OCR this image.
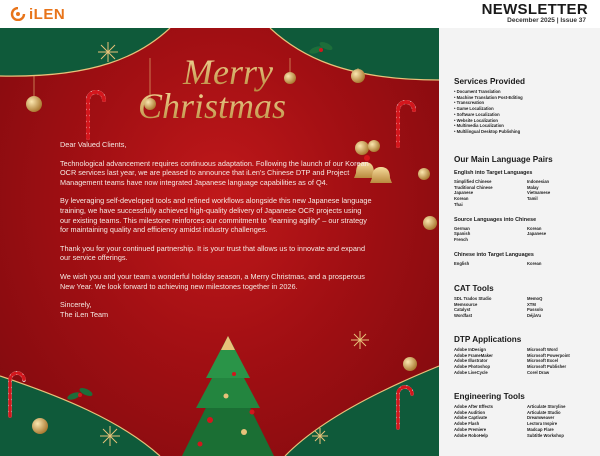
iLEN	NEWSLETTER
December 2025 | Issue 37
Merry
Christmas

Dear Valued Clients,

Technological advancement requires continuous adaptation. Following the launch of our Korean OCR services last year, we are pleased to announce that iLen's Chinese DTP and Project Management teams have now integrated Japanese language capabilities as of Q4.

By leveraging self-developed tools and refined workflows alongside this new Japanese language training, we have successfully achieved high-quality delivery of Japanese OCR projects using our existing teams. This milestone reinforces our commitment to “learning agility” – our strategy for maintaining quality and efficiency amidst industry challenges.

Thank you for your continued partnership. It is your trust that allows us to innovate and expand our service offerings.

We wish you and your team a wonderful holiday season, a Merry Christmas, and a prosperous New Year. We look forward to achieving new milestones together in 2026.

Sincerely,
The iLen Team

Services Provided
• Document Translation
• Machine Translation Post-Editing
• Transcreation
• Game Localization
• Software Localization
• Website Localization
• Multimedia Localization
• Multilingual Desktop Publishing
Our Main Language Pairs
English into Target Languages
Simplified Chinese
Traditional Chinese
Japanese
Korean
Thai
Indonesian
Malay
Vietnamese
Tamil
Source Languages into Chinese
German
Spanish
French
Korean
Japanese
Chinese into Target Languages
English	Korean
CAT Tools
SDL Trados Studio
Memsource
Catalyst
Wordfast
MemoQ
XTM
Passolo
DéjàVu
DTP Applications
Adobe InDesign
Adobe FrameMaker
Adobe Illustrator
Adobe Photoshop
Adobe LiveCycle
Microsoft Word
Microsoft Powerpoint
Microsoft Excel
Microsoft Publisher
Corel Draw
Engineering Tools
Adobe After Effects
Adobe Audition
Adobe Captivate
Adobe Flash
Adobe Premiere
Adobe RoboHelp
Articulate Storyline
Articulate Studio
Dreamweaver
Lectora Inspire
Madcap Flare
Subtitle Workshop
